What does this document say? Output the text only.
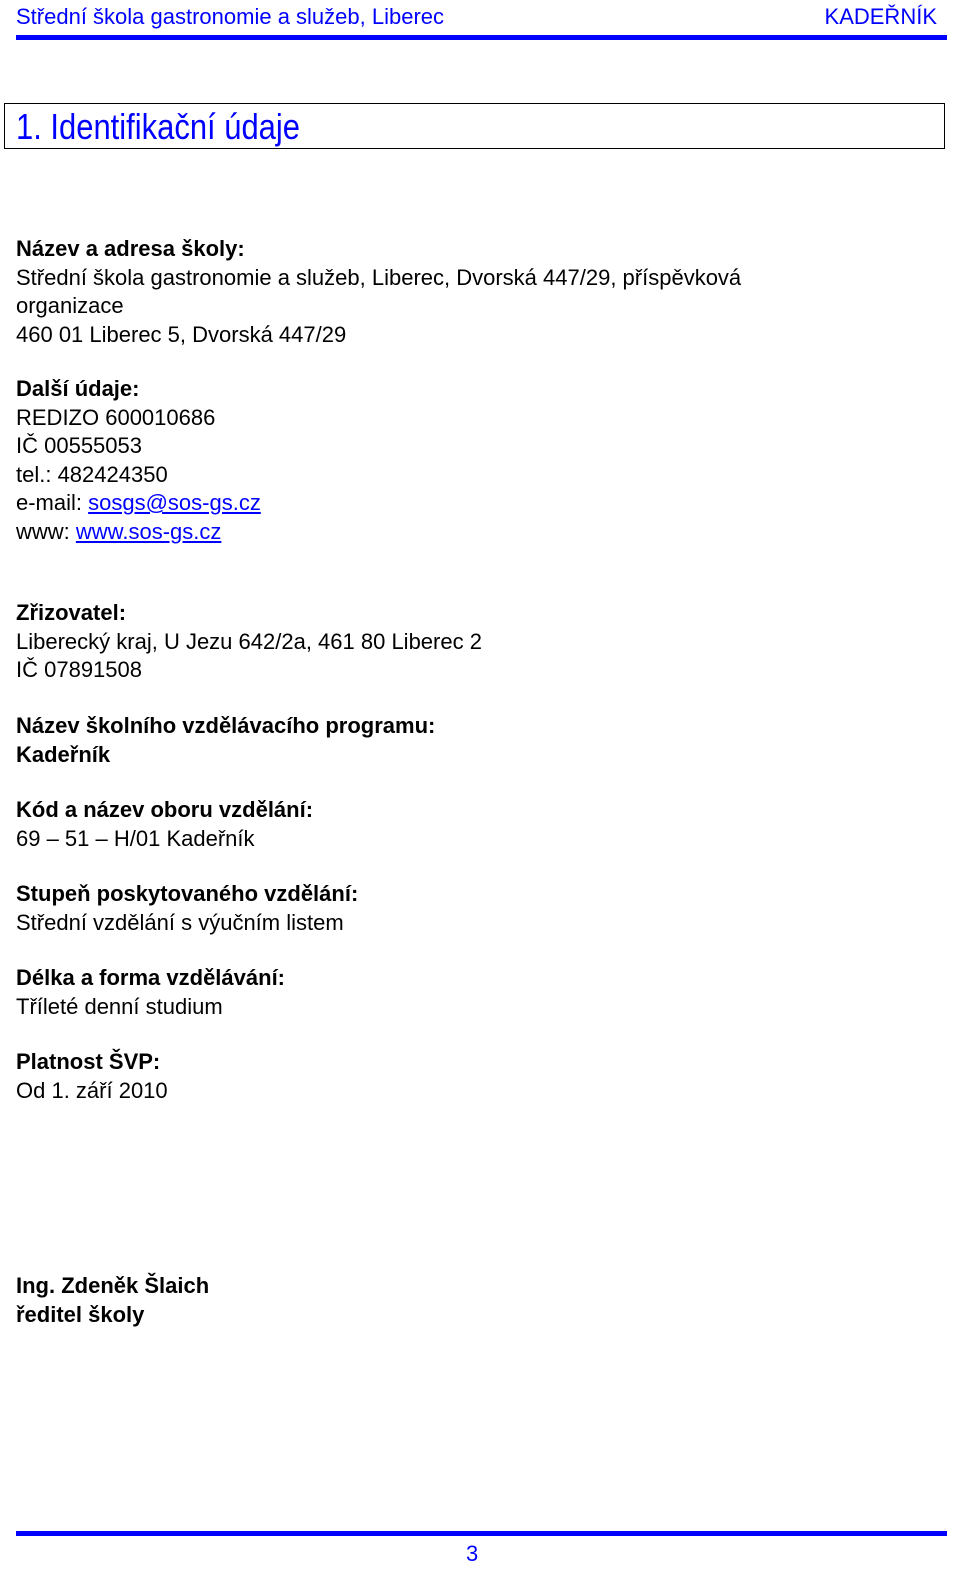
Střední škola gastronomie a služeb, Liberec	KADEŘNÍK
1. Identifikační údaje
Název a adresa školy:
Střední škola gastronomie a služeb, Liberec, Dvorská 447/29, příspěvková
organizace
460 01 Liberec 5, Dvorská 447/29
Další údaje:
REDIZO 600010686
IČ 00555053
tel.: 482424350
e-mail: sosgs@sos-gs.cz
www: www.sos-gs.cz
Zřizovatel:
Liberecký kraj, U Jezu 642/2a, 461 80 Liberec 2
IČ 07891508
Název školního vzdělávacího programu:
Kadeřník
Kód a název oboru vzdělání:
69 – 51 – H/01 Kadeřník
Stupeň poskytovaného vzdělání:
Střední vzdělání s výučním listem
Délka a forma vzdělávání:
Tříleté denní studium
Platnost ŠVP:
Od 1. září 2010
Ing. Zdeněk Šlaich
ředitel školy
3
